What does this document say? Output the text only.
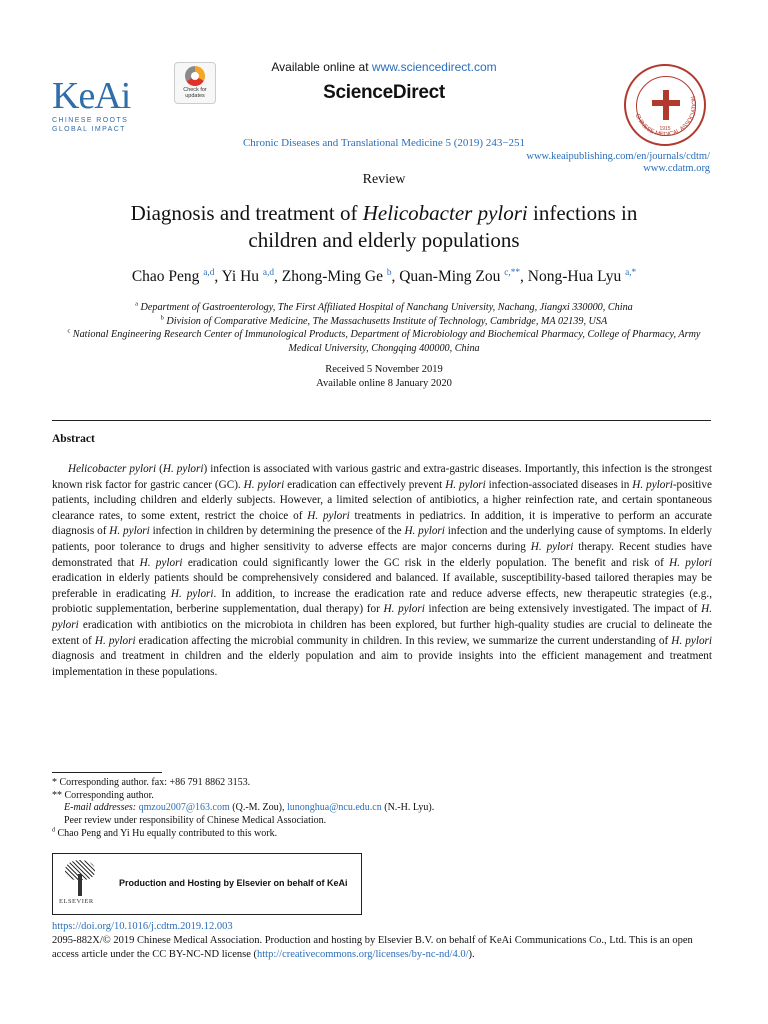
KeAi
CHINESE ROOTS
GLOBAL IMPACT
Check for updates
Available online at www.sciencedirect.com
ScienceDirect
CHINESE MEDICAL ASSOCIATION
1915
Chronic Diseases and Translational Medicine 5 (2019) 243−251
www.keaipublishing.com/en/journals/cdtm/
www.cdatm.org
Review
Diagnosis and treatment of Helicobacter pylori infections in
children and elderly populations
Chao Peng $^{a,d}$, Yi Hu $^{a,d}$, Zhong-Ming Ge $^b$, Quan-Ming Zou $^{c,**}$, Nong-Hua Lyu $^{a,*}$
$^a$ Department of Gastroenterology, The First Affiliated Hospital of Nanchang University, Nachang, Jiangxi 330000, China
$^b$ Division of Comparative Medicine, The Massachusetts Institute of Technology, Cambridge, MA 02139, USA
$^c$ National Engineering Research Center of Immunological Products, Department of Microbiology and Biochemical Pharmacy, College of Pharmacy, Army Medical University, Chongqing 400000, China
Received 5 November 2019
Available online 8 January 2020
Abstract
Helicobacter pylori (H. pylori) infection is associated with various gastric and extra-gastric diseases. Importantly, this infection is the strongest known risk factor for gastric cancer (GC). H. pylori eradication can effectively prevent H. pylori infection-associated diseases in H. pylori-positive patients, including children and elderly subjects. However, a limited selection of antibiotics, a higher reinfection rate, and certain spontaneous clearance rates, to some extent, restrict the choice of H. pylori treatments in pediatrics. In addition, it is imperative to perform an accurate diagnosis of H. pylori infection in children by determining the presence of the H. pylori infection and the underlying cause of symptoms. In elderly patients, poor tolerance to drugs and higher sensitivity to adverse effects are major concerns during H. pylori therapy. Recent studies have demonstrated that H. pylori eradication could significantly lower the GC risk in the elderly population. The benefit and risk of H. pylori eradication in elderly patients should be comprehensively considered and balanced. If available, susceptibility-based tailored therapies may be preferable in eradicating H. pylori. In addition, to increase the eradication rate and reduce adverse effects, new therapeutic strategies (e.g., probiotic supplementation, berberine supplementation, dual therapy) for H. pylori infection are being extensively investigated. The impact of H. pylori eradication with antibiotics on the microbiota in children has been explored, but further high-quality studies are crucial to delineate the extent of H. pylori eradication affecting the microbial community in children. In this review, we summarize the current understanding of H. pylori diagnosis and treatment in children and the elderly population and aim to provide insights into the efficient management and treatment implementation in these populations.
* Corresponding author. fax: +86 791 8862 3153.
** Corresponding author.
E-mail addresses: qmzou2007@163.com (Q.-M. Zou), lunonghua@ncu.edu.cn (N.-H. Lyu).
Peer review under responsibility of Chinese Medical Association.
$^d$ Chao Peng and Yi Hu equally contributed to this work.
ELSEVIER
Production and Hosting by Elsevier on behalf of KeAi
https://doi.org/10.1016/j.cdtm.2019.12.003
2095-882X/© 2019 Chinese Medical Association. Production and hosting by Elsevier B.V. on behalf of KeAi Communications Co., Ltd. This is an open access article under the CC BY-NC-ND license (http://creativecommons.org/licenses/by-nc-nd/4.0/).
